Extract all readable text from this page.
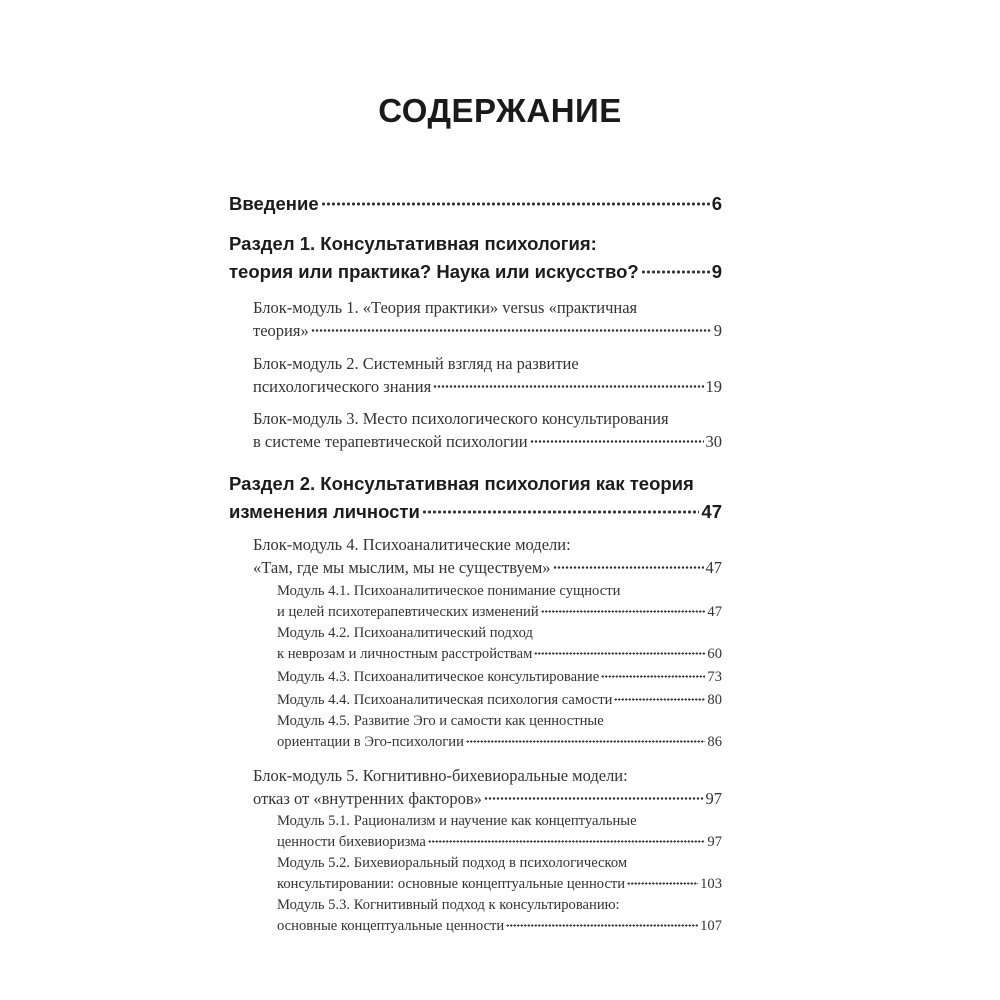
СОДЕРЖАНИЕ
Введение	6
Раздел 1. Консультативная психология:
теория или практика? Наука или искусство?	9
Блок-модуль 1. «Теория практики» versus «практичная
теория»	9
Блок-модуль 2. Системный взгляд на развитие
психологического знания	19
Блок-модуль 3. Место психологического консультирования
в системе терапевтической психологии	30
Раздел 2. Консультативная психология как теория
изменения личности	47
Блок-модуль 4. Психоаналитические модели:
«Там, где мы мыслим, мы не существуем»	47
Модуль 4.1. Психоаналитическое понимание сущности
и целей психотерапевтических изменений	47
Модуль 4.2. Психоаналитический подход
к неврозам и личностным расстройствам	60
Модуль 4.3. Психоаналитическое консультирование	73
Модуль 4.4. Психоаналитическая психология самости	80
Модуль 4.5. Развитие Эго и самости как ценностные
ориентации в Эго-психологии	86
Блок-модуль 5. Когнитивно-бихевиоральные модели:
отказ от «внутренних факторов»	97
Модуль 5.1. Рационализм и научение как концептуальные
ценности бихевиоризма	97
Модуль 5.2. Бихевиоральный подход в психологическом
консультировании: основные концептуальные ценности	103
Модуль 5.3. Когнитивный подход к консультированию:
основные концептуальные ценности	107
